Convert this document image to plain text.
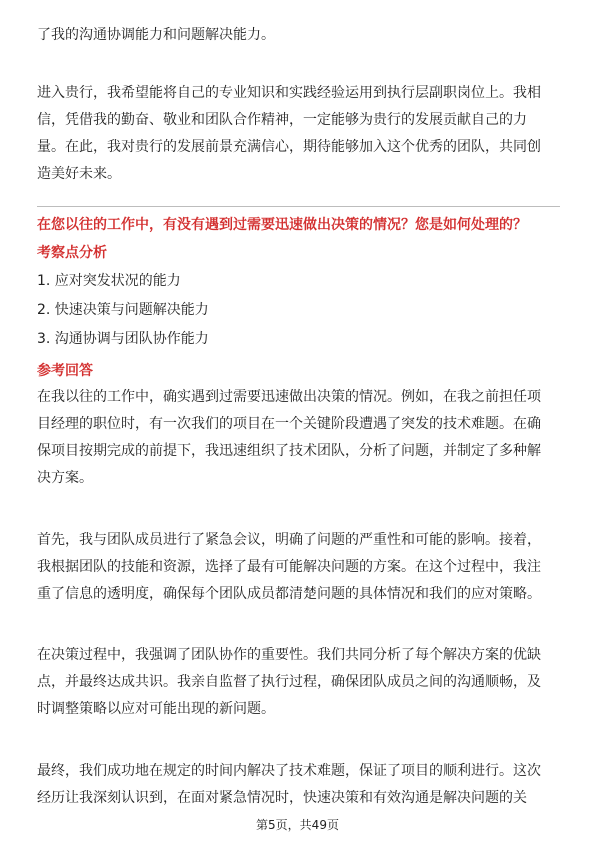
了我的沟通协调能力和问题解决能力。

进入贵行，我希望能将自己的专业知识和实践经验运用到执行层副职岗位上。我相

信，凭借我的勤奋、敬业和团队合作精神，一定能够为贵行的发展贡献自己的力

量。在此，我对贵行的发展前景充满信心，期待能够加入这个优秀的团队，共同创

造美好未来。

在您以往的工作中，有没有遇到过需要迅速做出决策的情况？您是如何处理的？

考察点分析

1. 应对突发状况的能力

2. 快速决策与问题解决能力

3. 沟通协调与团队协作能力

参考回答

在我以往的工作中，确实遇到过需要迅速做出决策的情况。例如，在我之前担任项

目经理的职位时，有一次我们的项目在一个关键阶段遭遇了突发的技术难题。在确

保项目按期完成的前提下，我迅速组织了技术团队，分析了问题，并制定了多种解

决方案。

首先，我与团队成员进行了紧急会议，明确了问题的严重性和可能的影响。接着，

我根据团队的技能和资源，选择了最有可能解决问题的方案。在这个过程中，我注

重了信息的透明度，确保每个团队成员都清楚问题的具体情况和我们的应对策略。

在决策过程中，我强调了团队协作的重要性。我们共同分析了每个解决方案的优缺

点，并最终达成共识。我亲自监督了执行过程，确保团队成员之间的沟通顺畅，及

时调整策略以应对可能出现的新问题。

最终，我们成功地在规定的时间内解决了技术难题，保证了项目的顺利进行。这次

经历让我深刻认识到，在面对紧急情况时，快速决策和有效沟通是解决问题的关

第5页，共49页
